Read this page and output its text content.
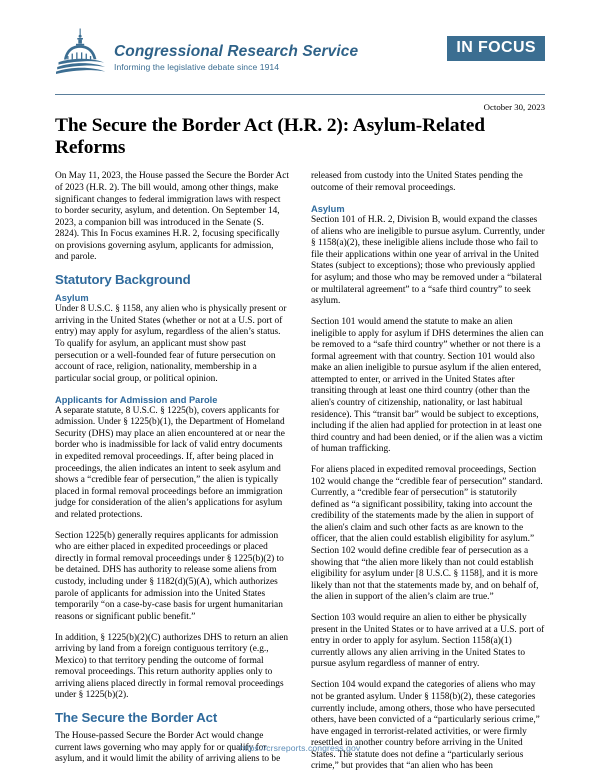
Congressional Research Service
Informing the legislative debate since 1914
IN FOCUS
October 30, 2023
The Secure the Border Act (H.R. 2): Asylum-Related Reforms

On May 11, 2023, the House passed the Secure the Border Act of 2023 (H.R. 2). The bill would, among other things, make significant changes to federal immigration laws with respect to border security, asylum, and detention. On September 14, 2023, a companion bill was introduced in the Senate (S. 2824). This In Focus examines H.R. 2, focusing specifically on provisions governing asylum, applicants for admission, and parole.

Statutory Background
Asylum

Under 8 U.S.C. § 1158, any alien who is physically present or arriving in the United States (whether or not at a U.S. port of entry) may apply for asylum, regardless of the alien’s status. To qualify for asylum, an applicant must show past persecution or a well-founded fear of future persecution on account of race, religion, nationality, membership in a particular social group, or political opinion.

Applicants for Admission and Parole

A separate statute, 8 U.S.C. § 1225(b), covers applicants for admission. Under § 1225(b)(1), the Department of Homeland Security (DHS) may place an alien encountered at or near the border who is inadmissible for lack of valid entry documents in expedited removal proceedings. If, after being placed in proceedings, the alien indicates an intent to seek asylum and shows a “credible fear of persecution,” the alien is typically placed in formal removal proceedings before an immigration judge for consideration of the alien’s applications for asylum and related protections.

Section 1225(b) generally requires applicants for admission who are either placed in expedited proceedings or placed directly in formal removal proceedings under § 1225(b)(2) to be detained. DHS has authority to release some aliens from custody, including under § 1182(d)(5)(A), which authorizes parole of applicants for admission into the United States temporarily “on a case-by-case basis for urgent humanitarian reasons or significant public benefit.”

In addition, § 1225(b)(2)(C) authorizes DHS to return an alien arriving by land from a foreign contiguous territory (e.g., Mexico) to that territory pending the outcome of formal removal proceedings. This return authority applies only to arriving aliens placed directly in formal removal proceedings under § 1225(b)(2).

The Secure the Border Act

The House-passed Secure the Border Act would change current laws governing who may apply for or qualify for asylum, and it would limit the ability of arriving aliens to be

released from custody into the United States pending the outcome of their removal proceedings.

Asylum

Section 101 of H.R. 2, Division B, would expand the classes of aliens who are ineligible to pursue asylum. Currently, under § 1158(a)(2), these ineligible aliens include those who fail to file their applications within one year of arrival in the United States (subject to exceptions); those who previously applied for asylum; and those who may be removed under a “bilateral or multilateral agreement” to a “safe third country” to seek asylum.

Section 101 would amend the statute to make an alien ineligible to apply for asylum if DHS determines the alien can be removed to a “safe third country” whether or not there is a formal agreement with that country. Section 101 would also make an alien ineligible to pursue asylum if the alien entered, attempted to enter, or arrived in the United States after transiting through at least one third country (other than the alien's country of citizenship, nationality, or last habitual residence). This “transit bar” would be subject to exceptions, including if the alien had applied for protection in at least one third country and had been denied, or if the alien was a victim of human trafficking.

For aliens placed in expedited removal proceedings, Section 102 would change the “credible fear of persecution” standard. Currently, a “credible fear of persecution” is statutorily defined as “a significant possibility, taking into account the credibility of the statements made by the alien in support of the alien's claim and such other facts as are known to the officer, that the alien could establish eligibility for asylum.” Section 102 would define credible fear of persecution as a showing that “the alien more likely than not could establish eligibility for asylum under [8 U.S.C. § 1158], and it is more likely than not that the statements made by, and on behalf of, the alien in support of the alien’s claim are true.”

Section 103 would require an alien to either be physically present in the United States or to have arrived at a U.S. port of entry in order to apply for asylum. Section 1158(a)(1) currently allows any alien arriving in the United States to pursue asylum regardless of manner of entry.

Section 104 would expand the categories of aliens who may not be granted asylum. Under § 1158(b)(2), these categories currently include, among others, those who have persecuted others, have been convicted of a “particularly serious crime,” have engaged in terrorist-related activities, or were firmly resettled in another country before arriving in the United States. The statute does not define a “particularly serious crime,” but provides that “an alien who has been

https://crsreports.congress.gov
